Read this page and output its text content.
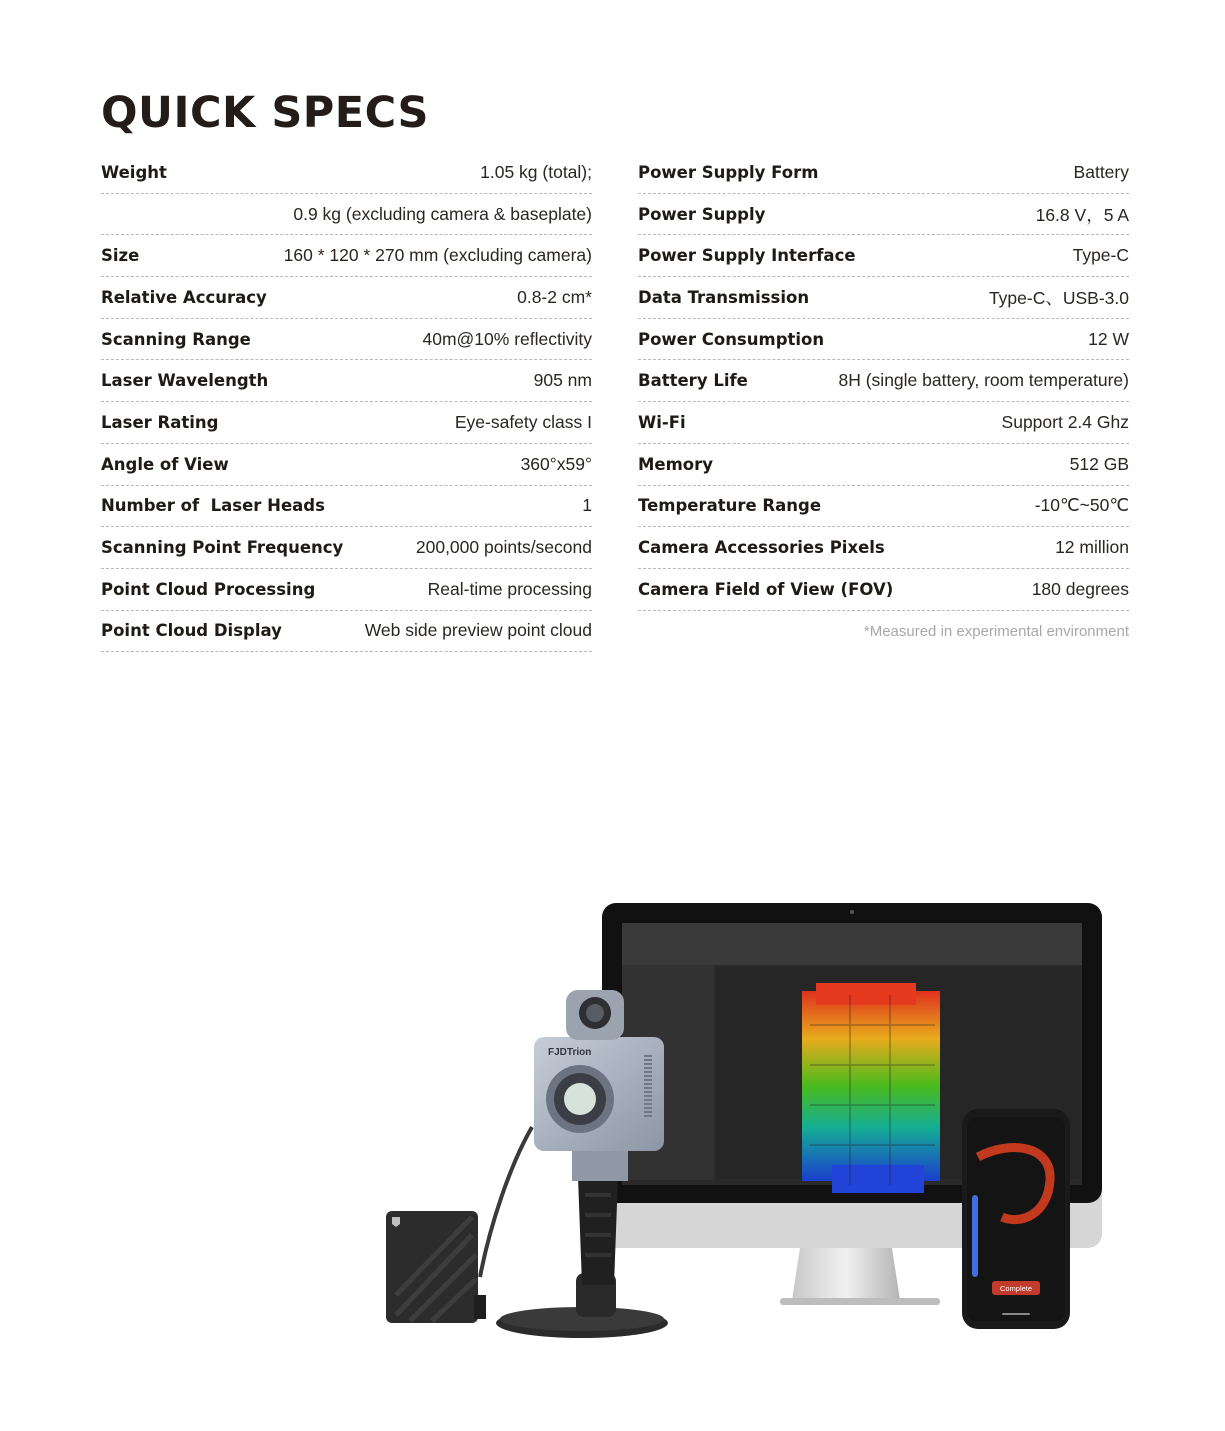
QUICK SPECS
Weight	1.05 kg (total);
0.9 kg (excluding camera & baseplate)
Size	160 * 120 * 270 mm (excluding camera)
Relative Accuracy	0.8-2 cm*
Scanning Range	40m@10% reflectivity
Laser Wavelength	905 nm
Laser Rating	Eye-safety class I
Angle of View	360°x59°
Number of  Laser Heads	1
Scanning Point Frequency	200,000 points/second
Point Cloud Processing	Real-time processing
Point Cloud Display	Web side preview point cloud
Power Supply Form	Battery
Power Supply	16.8 V，5 A
Power Supply Interface	Type-C
Data Transmission	Type-C、USB-3.0
Power Consumption	12 W
Battery Life	8H (single battery, room temperature)
Wi-Fi	Support 2.4 Ghz
Memory	512 GB
Temperature Range	-10℃~50℃
Camera Accessories Pixels	12 million
Camera Field of View (FOV)	180 degrees
*Measured in experimental environment
Complete
FJDTrion
